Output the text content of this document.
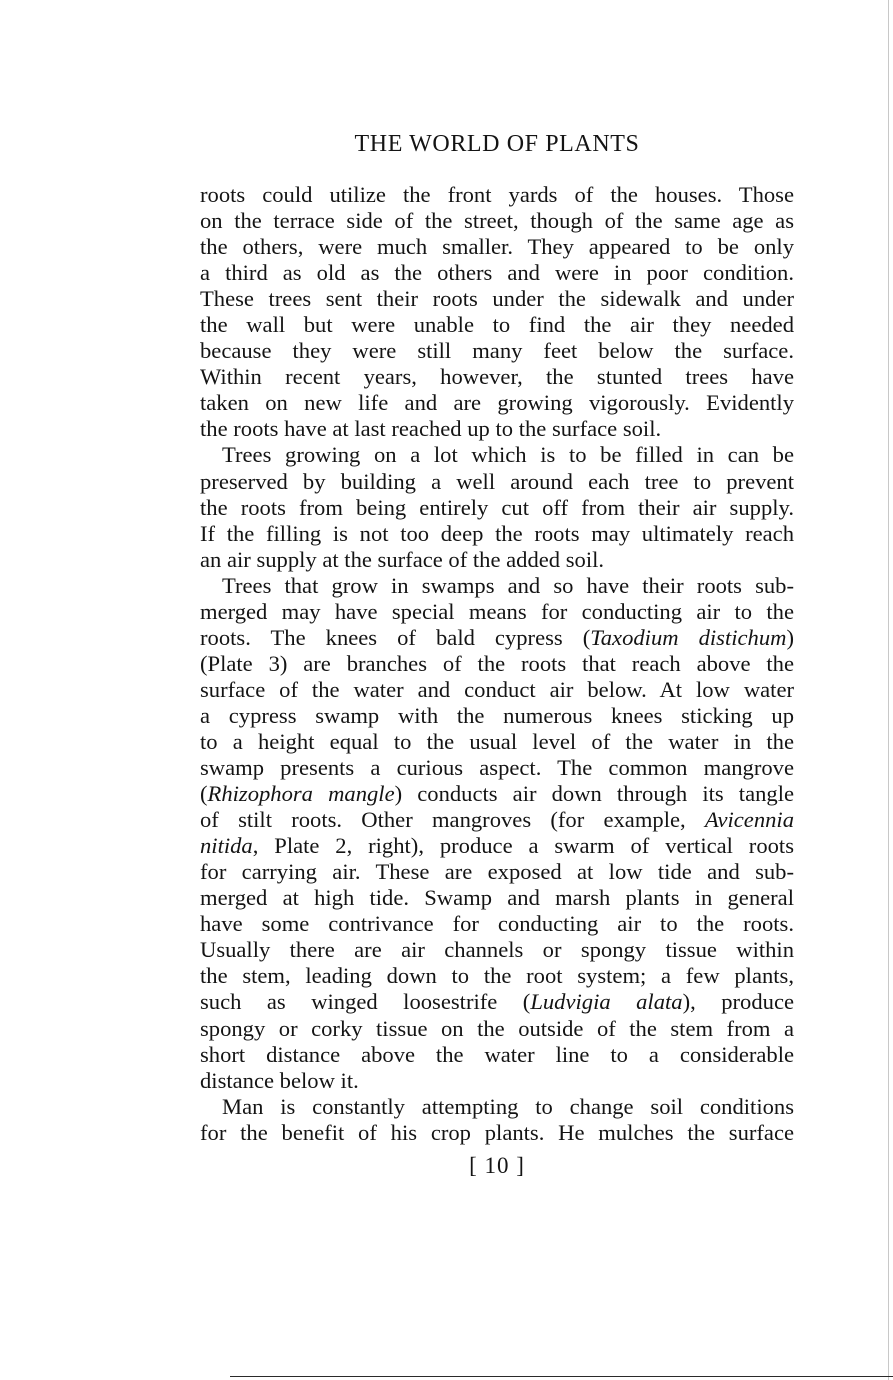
THE WORLD OF PLANTS
roots could utilize the front yards of the houses. Those
on the terrace side of the street, though of the same age as
the others, were much smaller. They appeared to be only
a third as old as the others and were in poor condition.
These trees sent their roots under the sidewalk and under
the wall but were unable to find the air they needed
because they were still many feet below the surface.
Within recent years, however, the stunted trees have
taken on new life and are growing vigorously. Evidently
the roots have at last reached up to the surface soil.
Trees growing on a lot which is to be filled in can be
preserved by building a well around each tree to prevent
the roots from being entirely cut off from their air supply.
If the filling is not too deep the roots may ultimately reach
an air supply at the surface of the added soil.
Trees that grow in swamps and so have their roots sub-
merged may have special means for conducting air to the
roots. The knees of bald cypress (Taxodium distichum)
(Plate 3) are branches of the roots that reach above the
surface of the water and conduct air below. At low water
a cypress swamp with the numerous knees sticking up
to a height equal to the usual level of the water in the
swamp presents a curious aspect. The common mangrove
(Rhizophora mangle) conducts air down through its tangle
of stilt roots. Other mangroves (for example, Avicennia
nitida, Plate 2, right), produce a swarm of vertical roots
for carrying air. These are exposed at low tide and sub-
merged at high tide. Swamp and marsh plants in general
have some contrivance for conducting air to the roots.
Usually there are air channels or spongy tissue within
the stem, leading down to the root system; a few plants,
such as winged loosestrife (Ludvigia alata), produce
spongy or corky tissue on the outside of the stem from a
short distance above the water line to a considerable
distance below it.
Man is constantly attempting to change soil conditions
for the benefit of his crop plants. He mulches the surface
[ 10 ]
